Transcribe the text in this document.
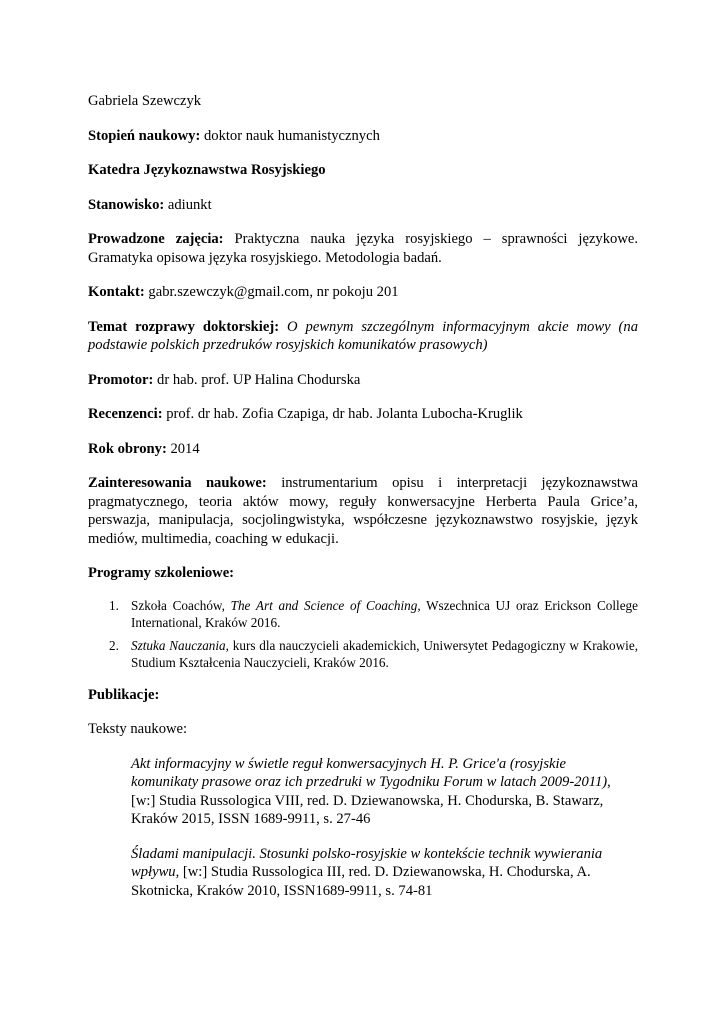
Gabriela Szewczyk

Stopień naukowy: doktor nauk humanistycznych

Katedra Językoznawstwa Rosyjskiego

Stanowisko: adiunkt

Prowadzone zajęcia: Praktyczna nauka języka rosyjskiego – sprawności językowe. Gramatyka opisowa języka rosyjskiego. Metodologia badań.

Kontakt: gabr.szewczyk@gmail.com, nr pokoju 201

Temat rozprawy doktorskiej: O pewnym szczególnym informacyjnym akcie mowy (na podstawie polskich przedruków rosyjskich komunikatów prasowych)

Promotor: dr hab. prof. UP Halina Chodurska

Recenzenci: prof. dr hab. Zofia Czapiga, dr hab. Jolanta Lubocha-Kruglik

Rok obrony: 2014

Zainteresowania naukowe: instrumentarium opisu i interpretacji językoznawstwa pragmatycznego, teoria aktów mowy, reguły konwersacyjne Herberta Paula Grice’a, perswazja, manipulacja, socjolingwistyka, współczesne językoznawstwo rosyjskie, język mediów, multimedia, coaching w edukacji.

Programy szkoleniowe:

1. Szkoła Coachów, The Art and Science of Coaching, Wszechnica UJ oraz Erickson College International, Kraków 2016.
2. Sztuka Nauczania, kurs dla nauczycieli akademickich, Uniwersytet Pedagogiczny w Krakowie, Studium Kształcenia Nauczycieli, Kraków 2016.

Publikacje:

Teksty naukowe:

Akt informacyjny w świetle reguł konwersacyjnych H. P. Grice'a (rosyjskie komunikaty prasowe oraz ich przedruki w Tygodniku Forum w latach 2009-2011), [w:] Studia Russologica VIII, red. D. Dziewanowska, H. Chodurska, B. Stawarz, Kraków 2015, ISSN 1689-9911, s. 27-46

Śladami manipulacji. Stosunki polsko-rosyjskie w kontekście technik wywierania wpływu, [w:] Studia Russologica III, red. D. Dziewanowska, H. Chodurska, A. Skotnicka, Kraków 2010, ISSN1689-9911, s. 74-81
